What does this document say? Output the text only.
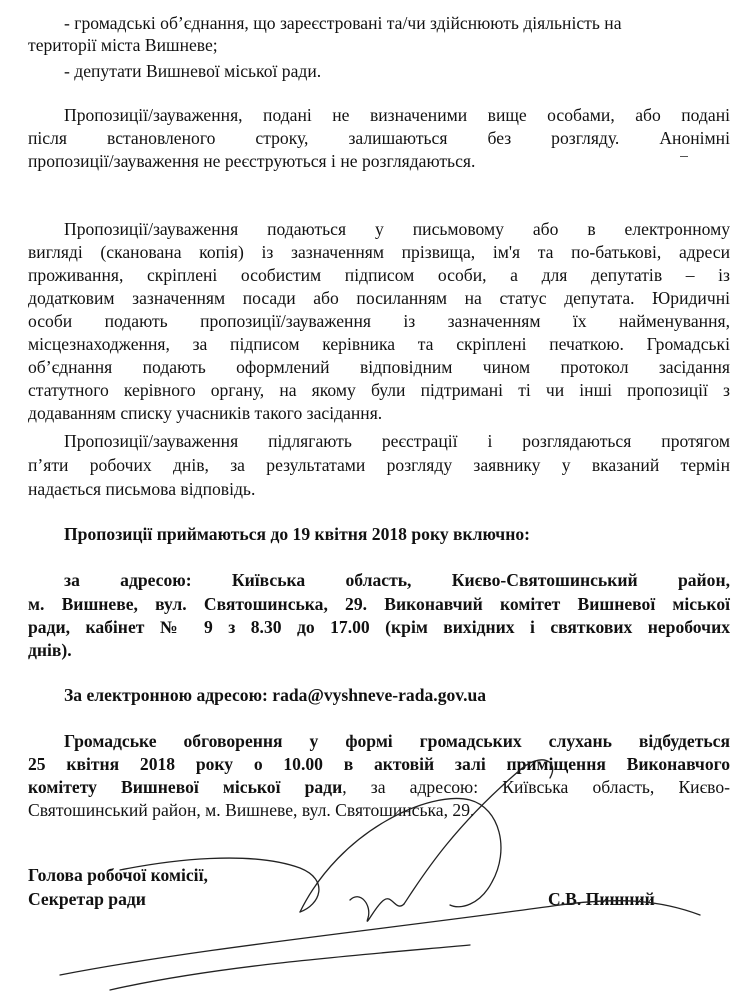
- громадські об’єднання, що зареєстровані та/чи здійснюють діяльність на
території міста Вишневе;
- депутати Вишневої міської ради.
Пропозиції/зауваження, подані не визначеними вище особами, або подані
після встановленого строку, залишаються без розгляду. Анонімні
пропозиції/зауваження не реєструються і не розглядаються.
Пропозиції/зауваження подаються у письмовому або в електронному
вигляді (сканована копія) із зазначенням прізвища, ім'я та по-батькові, адреси
проживання, скріплені особистим підписом особи, а для депутатів – із
додатковим зазначенням посади або посиланням на статус депутата. Юридичні
особи подають пропозиції/зауваження із зазначенням їх найменування,
місцезнаходження, за підписом керівника та скріплені печаткою. Громадські
об’єднання подають оформлений відповідним чином протокол засідання
статутного керівного органу, на якому були підтримані ті чи інші пропозиції з
додаванням списку учасників такого засідання.
Пропозиції/зауваження підлягають реєстрації і розглядаються протягом
п’яти робочих днів, за результатами розгляду заявнику у вказаний термін
надається письмова відповідь.
Пропозиції приймаються до 19 квітня 2018 року включно:
за адресою: Київська область, Києво-Святошинський район,
м. Вишневе, вул. Святошинська, 29. Виконавчий комітет Вишневої міської
ради, кабінет № 9 з 8.30 до 17.00 (крім вихідних і святкових неробочих
днів).
За електронною адресою: rada@vyshneve-rada.gov.ua
Громадське обговорення у формі громадських слухань відбудеться
25 квітня 2018 року о 10.00 в актовій залі приміщення Виконавчого
комітету Вишневої міської ради, за адресою: Київська область, Києво-
Святошинський район, м. Вишневе, вул. Святошинська, 29.
Голова робочої комісії,
Секретар ради	С.В. Пишний
